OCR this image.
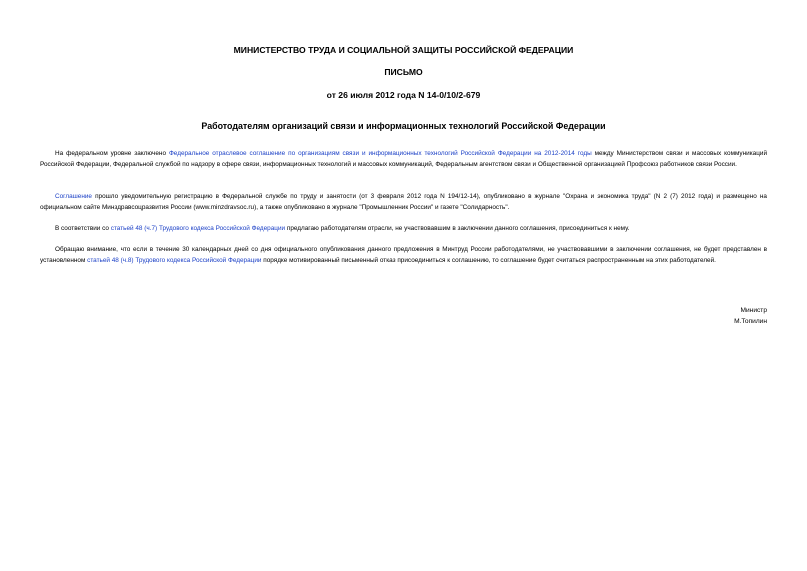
МИНИСТЕРСТВО ТРУДА И СОЦИАЛЬНОЙ ЗАЩИТЫ РОССИЙСКОЙ ФЕДЕРАЦИИ
ПИСЬМО
от 26 июля 2012 года N 14-0/10/2-679
Работодателям организаций связи и информационных технологий Российской Федерации

На федеральном уровне заключено Федеральное отраслевое соглашение по организациям связи и информационных технологий Российской Федерации на 2012-2014 годы между Министерством связи и массовых коммуникаций Российской Федерации, Федеральной службой по надзору в сфере связи, информационных технологий и массовых коммуникаций, Федеральным агентством связи и Общественной организацией Профсоюз работников связи России.

Соглашение прошло уведомительную регистрацию в Федеральной службе по труду и занятости (от 3 февраля 2012 года N 194/12-14), опубликовано в журнале "Охрана и экономика труда" (N 2 (7) 2012 года) и размещено на официальном сайте Минздравсоцразвития России (www.minzdravsoc.ru), а также опубликовано в журнале "Промышленник России" и газете "Солидарность".

В соответствии со статьей 48 (ч.7) Трудового кодекса Российской Федерации предлагаю работодателям отрасли, не участвовавшим в заключении данного соглашения, присоединиться к нему.

Обращаю внимание, что если в течение 30 календарных дней со дня официального опубликования данного предложения в Минтруд России работодателями, не участвовавшими в заключении соглашения, не будет представлен в установленном статьей 48 (ч.8) Трудового кодекса Российской Федерации порядке мотивированный письменный отказ присоединиться к соглашению, то соглашение будет считаться распространенным на этих работодателей.

Министр
М.Топилин
